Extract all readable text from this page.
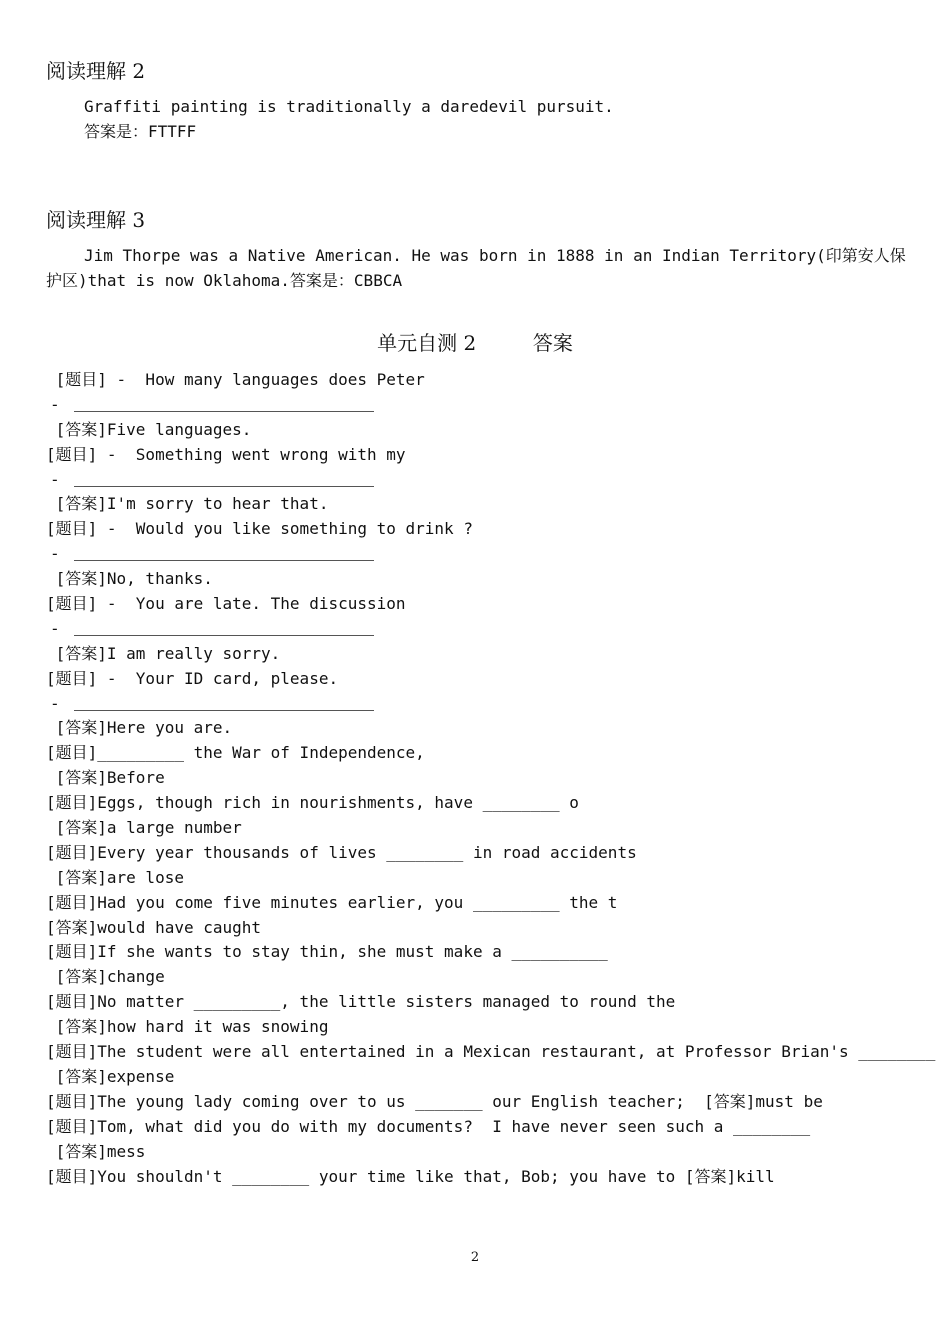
阅读理解 2
Graffiti painting is traditionally a daredevil pursuit.
答案是：FTTFF
阅读理解 3
Jim Thorpe was a Native American. He was born in 1888 in an Indian Territory(印第安人保护区)that is now Oklahoma.答案是：CBBCA
单元自测 2	答案
[题目] -  How many languages does Peter
-
[答案]Five languages.
[题目] -  Something went wrong with my
-
[答案]I'm sorry to hear that.
[题目] -  Would you like something to drink ?
-
[答案]No, thanks.
[题目] -  You are late. The discussion
-
[答案]I am really sorry.
[题目] -  Your ID card, please.
-
[答案]Here you are.
[题目]_________ the War of Independence,
[答案]Before
[题目]Eggs, though rich in nourishments, have ________ o
[答案]a large number
[题目]Every year thousands of lives ________ in road accidents
[答案]are lose
[题目]Had you come five minutes earlier, you _________ the t
[答案]would have caught
[题目]If she wants to stay thin, she must make a __________
[答案]change
[题目]No matter _________, the little sisters managed to round the
[答案]how hard it was snowing
[题目]The student were all entertained in a Mexican restaurant, at Professor Brian's ________
[答案]expense
[题目]The young lady coming over to us _______ our English teacher;  [答案]must be
[题目]Tom, what did you do with my documents?  I have never seen such a ________
[答案]mess
[题目]You shouldn't ________ your time like that, Bob; you have to [答案]kill
2
